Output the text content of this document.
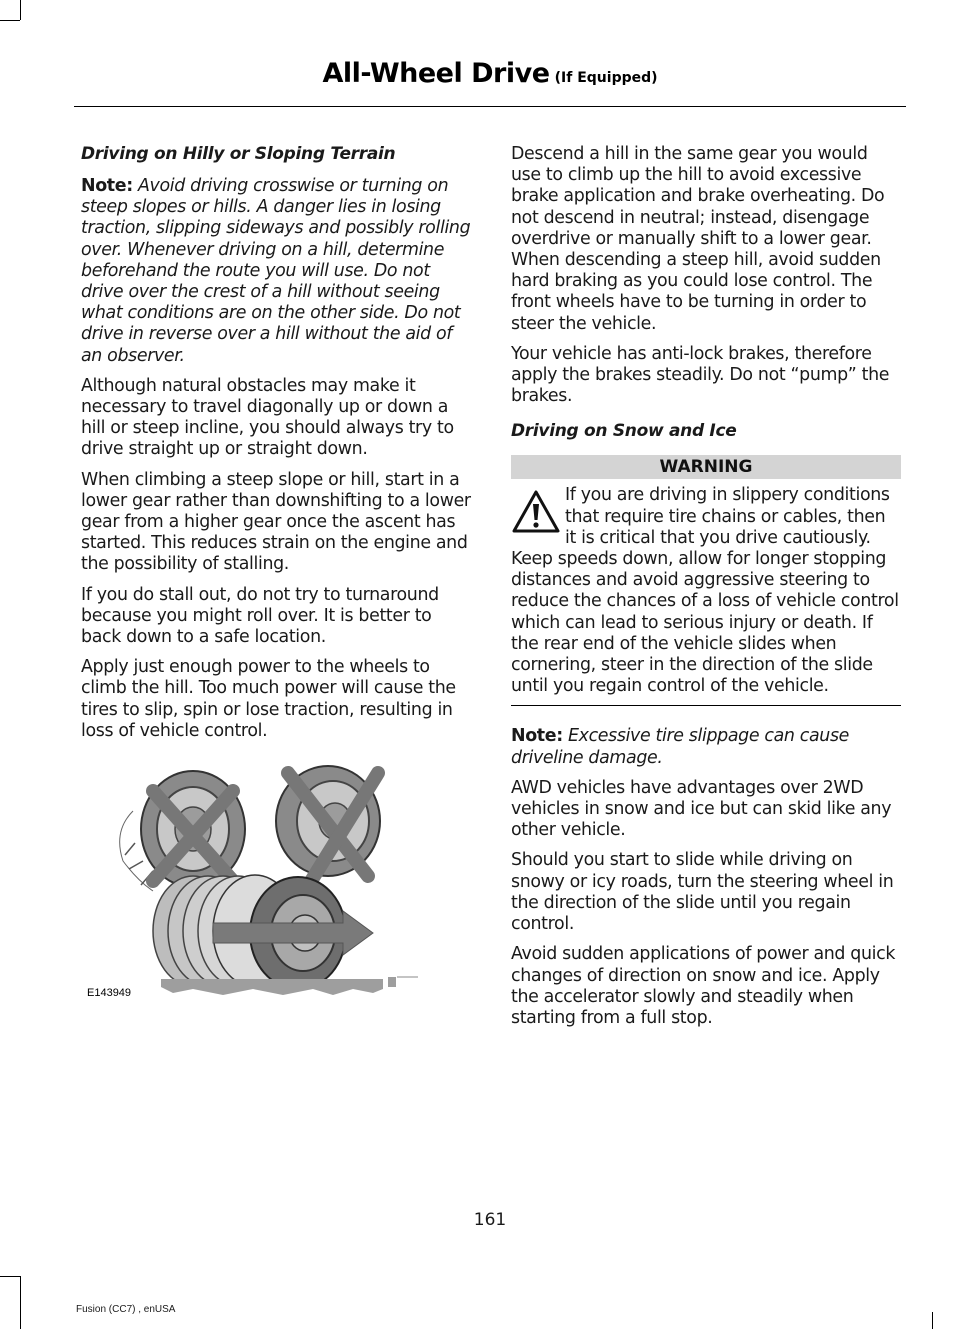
All-Wheel Drive (If Equipped)
Driving on Hilly or Sloping Terrain

Note: Avoid driving crosswise or turning on steep slopes or hills. A danger lies in losing traction, slipping sideways and possibly rolling over. Whenever driving on a hill, determine beforehand the route you will use. Do not drive over the crest of a hill without seeing what conditions are on the other side. Do not drive in reverse over a hill without the aid of an observer.

Although natural obstacles may make it necessary to travel diagonally up or down a hill or steep incline, you should always try to drive straight up or straight down.

When climbing a steep slope or hill, start in a lower gear rather than downshifting to a lower gear from a higher gear once the ascent has started. This reduces strain on the engine and the possibility of stalling.

If you do stall out, do not try to turnaround because you might roll over. It is better to back down to a safe location.

Apply just enough power to the wheels to climb the hill. Too much power will cause the tires to slip, spin or lose traction, resulting in loss of vehicle control.

E143949

Descend a hill in the same gear you would use to climb up the hill to avoid excessive brake application and brake overheating. Do not descend in neutral; instead, disengage overdrive or manually shift to a lower gear. When descending a steep hill, avoid sudden hard braking as you could lose control. The front wheels have to be turning in order to steer the vehicle.

Your vehicle has anti-lock brakes, therefore apply the brakes steadily. Do not “pump” the brakes.

Driving on Snow and Ice
WARNING

If you are driving in slippery conditions that require tire chains or cables, then it is critical that you drive cautiously. Keep speeds down, allow for longer stopping distances and avoid aggressive steering to reduce the chances of a loss of vehicle control which can lead to serious injury or death. If the rear end of the vehicle slides when cornering, steer in the direction of the slide until you regain control of the vehicle.

Note: Excessive tire slippage can cause driveline damage.

AWD vehicles have advantages over 2WD vehicles in snow and ice but can skid like any other vehicle.

Should you start to slide while driving on snowy or icy roads, turn the steering wheel in the direction of the slide until you regain control.

Avoid sudden applications of power and quick changes of direction on snow and ice. Apply the accelerator slowly and steadily when starting from a full stop.

161
Fusion (CC7) , enUSA
